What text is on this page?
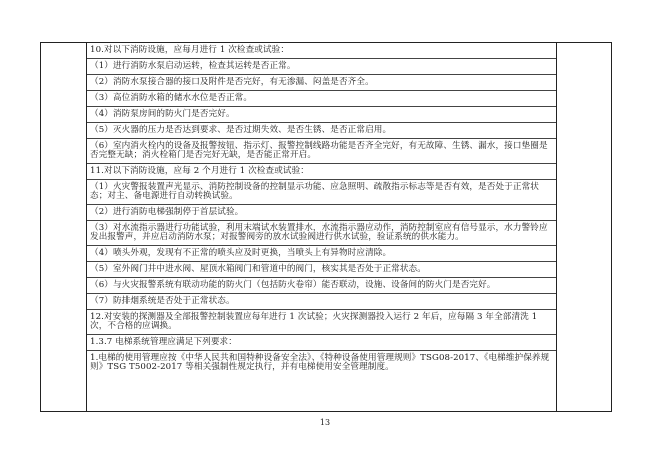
10.对以下消防设施，应每月进行 1 次检查或试验：
（1）进行消防水泵启动运转，检查其运转是否正常。
（2）消防水泵接合器的接口及附件是否完好，有无渗漏、闷盖是否齐全。
（3）高位消防水箱的储水水位是否正常。
（4）消防泵房间的防火门是否完好。
（5）灭火器的压力是否达到要求、是否过期失效、是否生锈、是否正常启用。
（6）室内消火栓内的设备及报警按钮、指示灯、报警控制线路功能是否齐全完好，有无故障、生锈、漏水，接口垫圈是否完整无缺；消火栓箱门是否完好无缺，是否能正常开启。
11.对以下消防设施，应每 2 个月进行 1 次检查或试验：
（1）火灾警报装置声光显示、消防控制设备的控制显示功能、应急照明、疏散指示标志等是否有效，是否处于正常状态；对主、备电源进行自动转换试验。
（2）进行消防电梯强制停于首层试验。
（3）对水流指示器进行功能试验，利用末端试水装置排水，水流指示器应动作，消防控制室应有信号显示，水力警铃应发出报警声，并应启动消防水泵；对报警阀旁的放水试验阀进行供水试验，验证系统的供水能力。
（4）喷头外观，发现有不正常的喷头应及时更换，当喷头上有异物时应清除。
（5）室外阀门井中进水阀、屋顶水箱阀门和管道中的阀门，核实其是否处于正常状态。
（6）与火灾报警系统有联动功能的防火门（包括防火卷帘）能否联动，设施、设备间的防火门是否完好。
（7）防排烟系统是否处于正常状态。
12.对安装的探测器及全部报警控制装置应每年进行 1 次试验；火灾探测器投入运行 2 年后，应每隔 3 年全部清洗 1 次，不合格的应调换。
1.3.7 电梯系统管理应满足下列要求：
1.电梯的使用管理应按《中华人民共和国特种设备安全法》、《特种设备使用管理规则》TSG08-2017、《电梯维护保养规则》TSG T5002-2017 等相关强制性规定执行，并有电梯使用安全管理制度。
13
